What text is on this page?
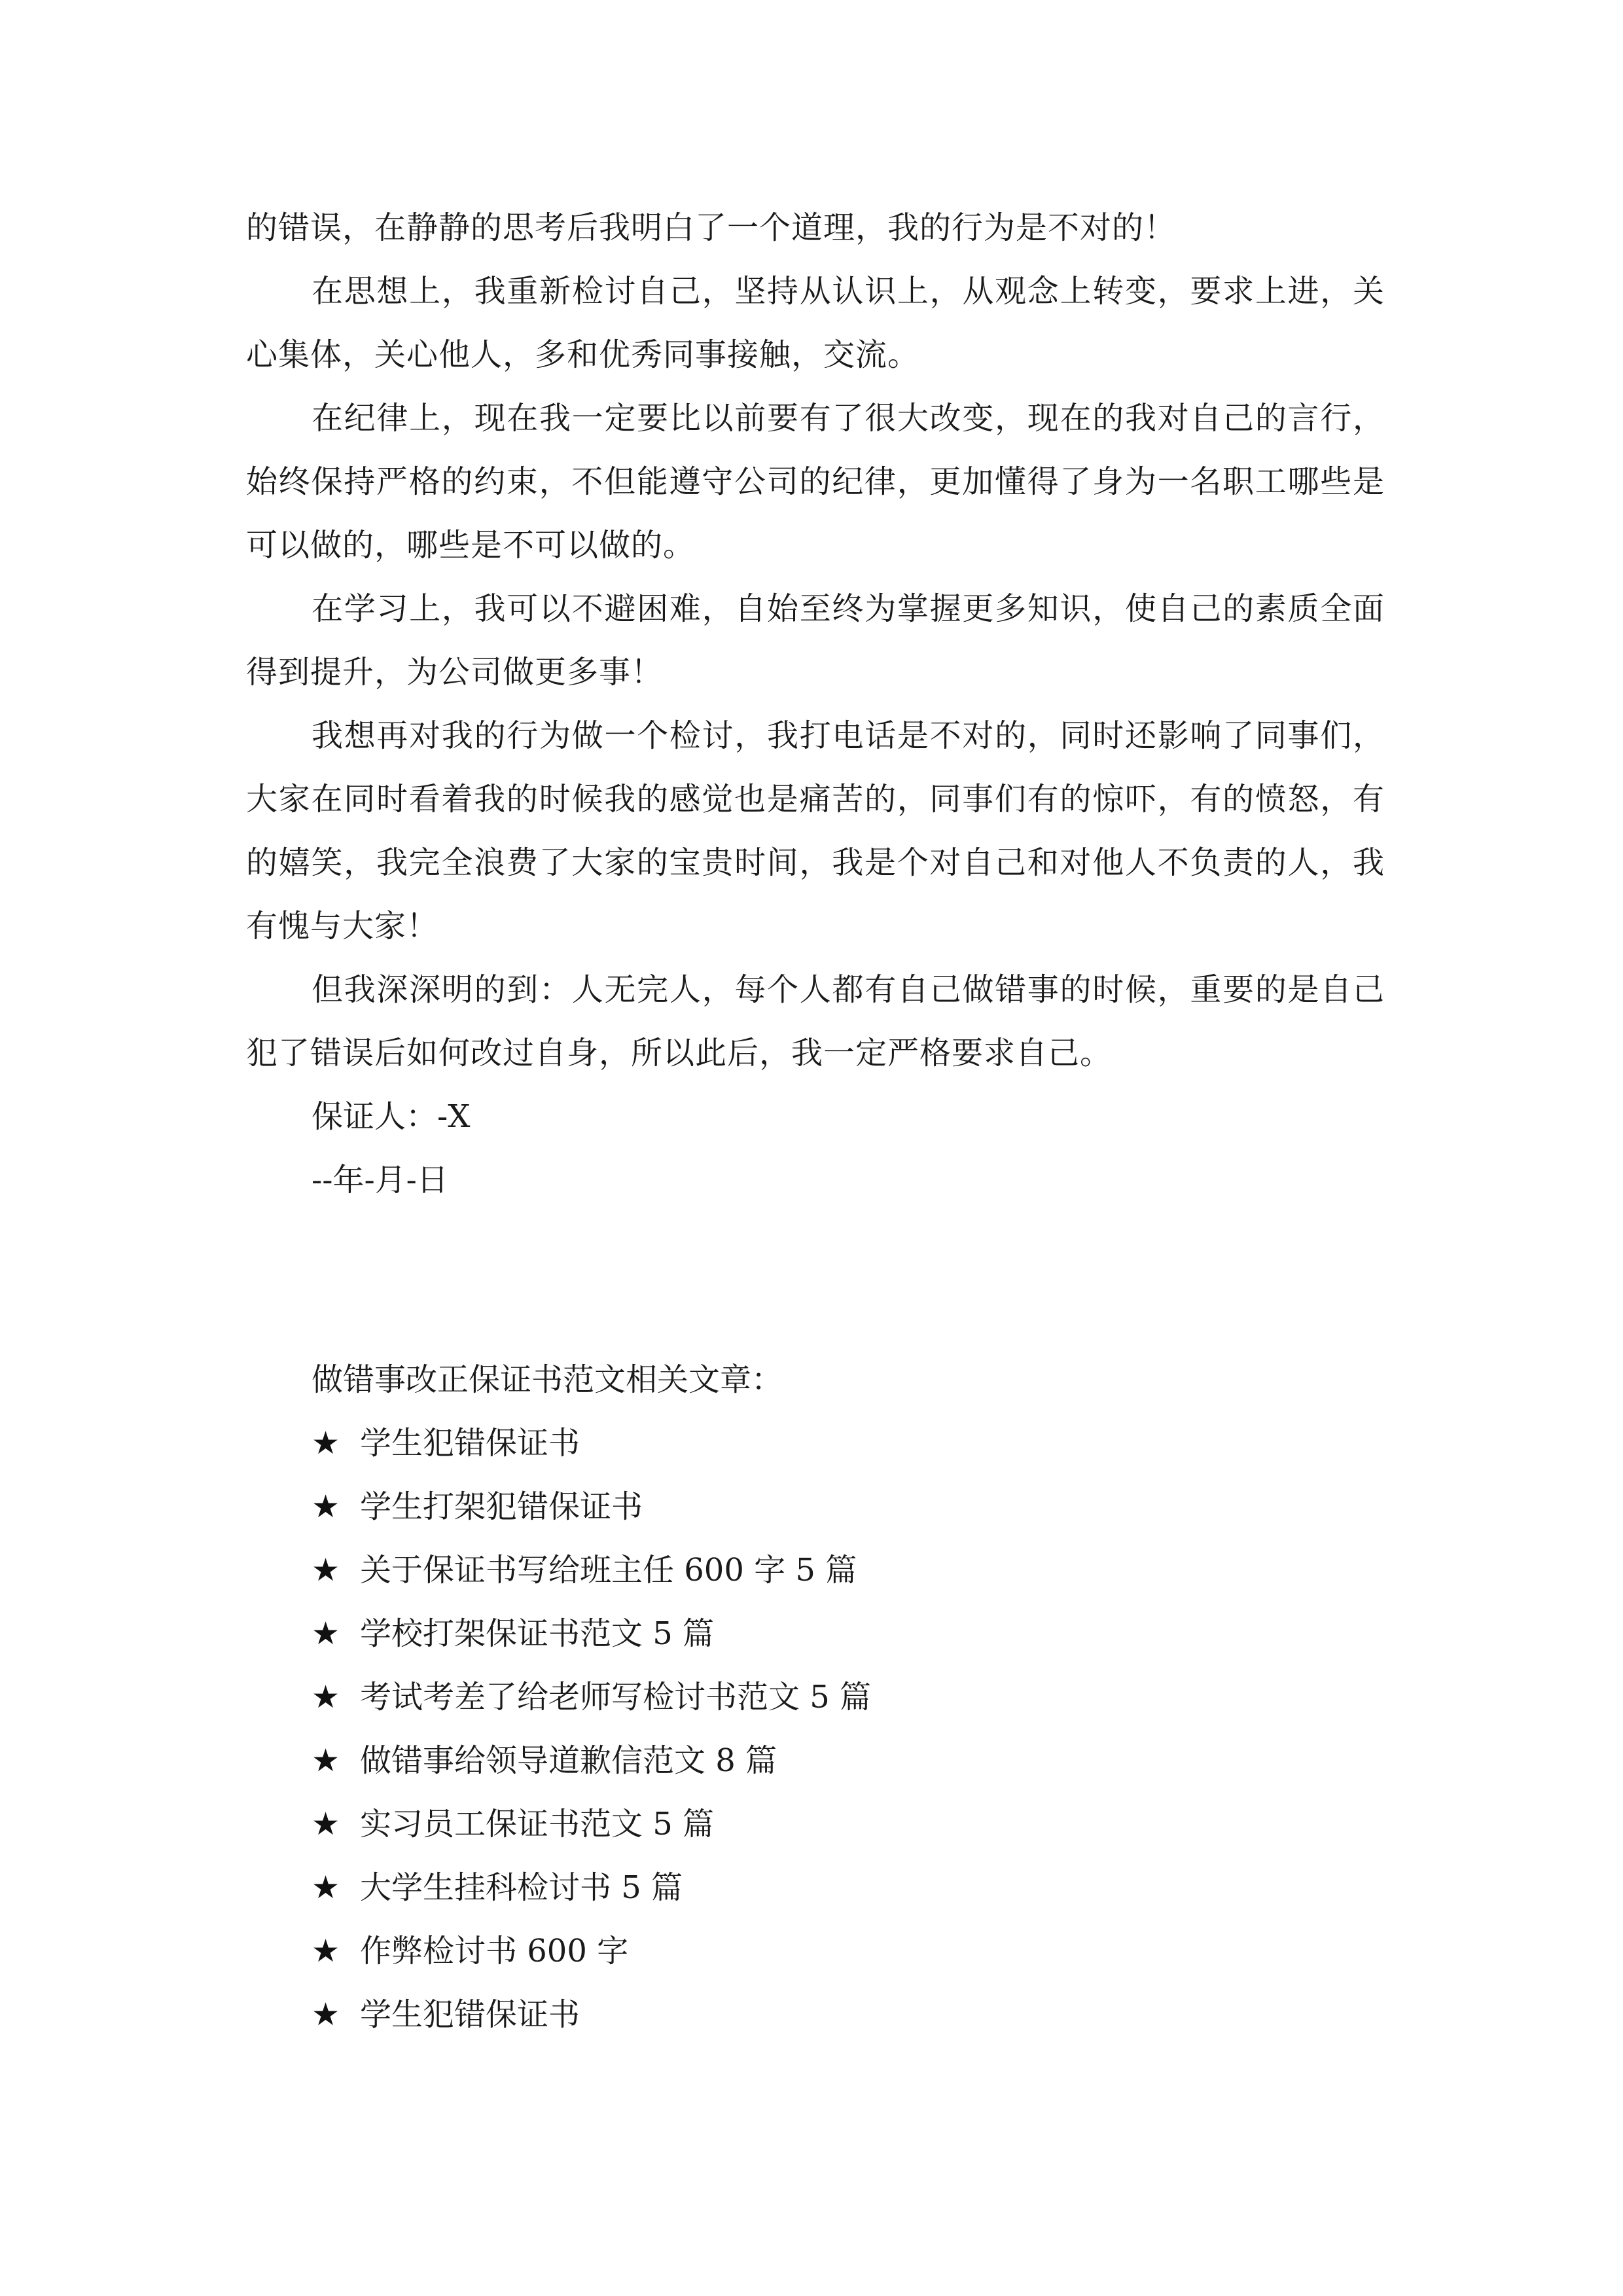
的错误，在静静的思考后我明白了一个道理，我的行为是不对的！

在思想上，我重新检讨自己，坚持从认识上，从观念上转变，要求上进，关心集体，关心他人，多和优秀同事接触，交流。

在纪律上，现在我一定要比以前要有了很大改变，现在的我对自己的言行，始终保持严格的约束，不但能遵守公司的纪律，更加懂得了身为一名职工哪些是可以做的，哪些是不可以做的。

在学习上，我可以不避困难，自始至终为掌握更多知识，使自己的素质全面得到提升，为公司做更多事！

我想再对我的行为做一个检讨，我打电话是不对的，同时还影响了同事们，大家在同时看着我的时候我的感觉也是痛苦的，同事们有的惊吓，有的愤怒，有的嬉笑，我完全浪费了大家的宝贵时间，我是个对自己和对他人不负责的人，我有愧与大家！

但我深深明的到：人无完人，每个人都有自己做错事的时候，重要的是自己犯了错误后如何改过自身，所以此后，我一定严格要求自己。

保证人：-X

--年-月-日

做错事改正保证书范文相关文章：

★ 学生犯错保证书
★ 学生打架犯错保证书
★ 关于保证书写给班主任 600 字 5 篇
★ 学校打架保证书范文 5 篇
★ 考试考差了给老师写检讨书范文 5 篇
★ 做错事给领导道歉信范文 8 篇
★ 实习员工保证书范文 5 篇
★ 大学生挂科检讨书 5 篇
★ 作弊检讨书 600 字
★ 学生犯错保证书
